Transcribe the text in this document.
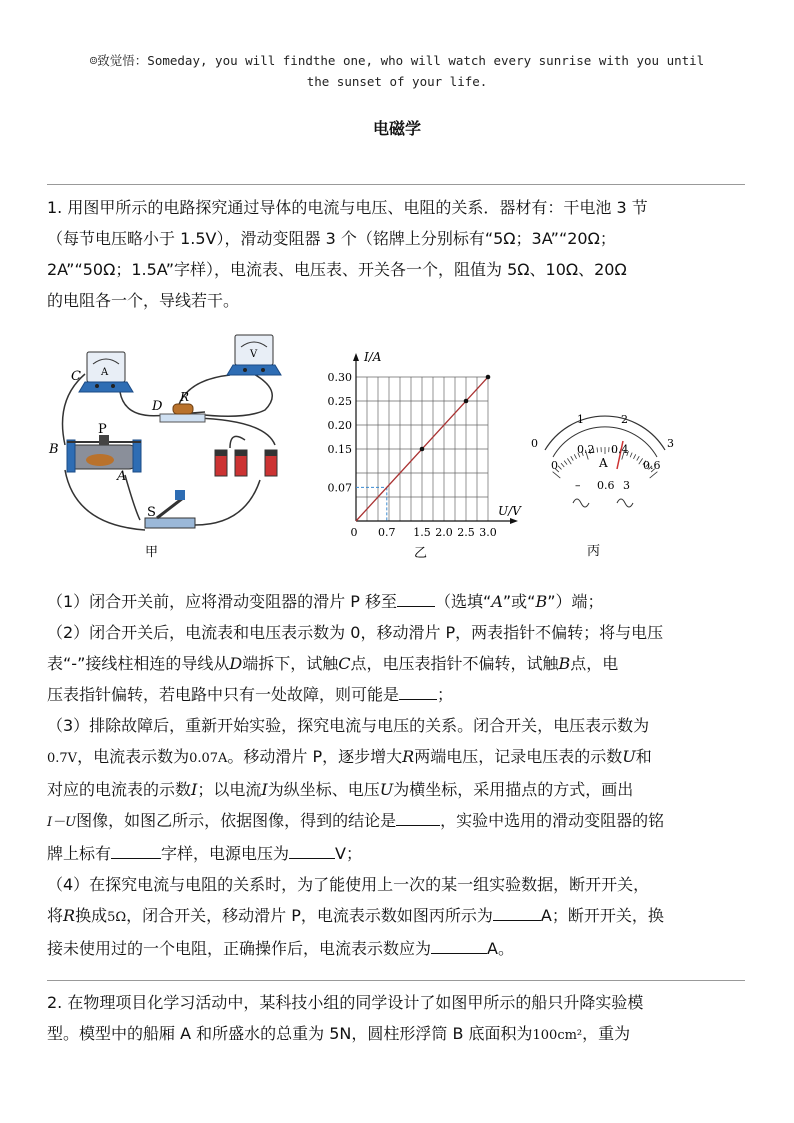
☺致觉悟：Someday, you will findthe one, who will watch every sunrise with you until
the sunset of your life.
电磁学
1. 用图甲所示的电路探究通过导体的电流与电压、电阻的关系．器材有：干电池 3 节
（每节电压略小于 1.5V），滑动变阻器 3 个（铭牌上分别标有“5Ω；3A”“20Ω；
2A”“50Ω；1.5A”字样），电流表、电压表、开关各一个，阻值为 5Ω、10Ω、20Ω
的电阻各一个，导线若干。
C A
D
R
V
B
P
A
S
甲
0.7 1.5 2.0 2.5 3.0
0.07
0.15
0.20
0.25
0.30
0
I/A
U/V
乙
0
1	2
3
0
0.2 0.4
0.6
A
– 0.6 3
丙
（1）闭合开关前，应将滑动变阻器的滑片 P 移至 （选填“A”或“B”）端；
（2）闭合开关后，电流表和电压表示数为 0，移动滑片 P，两表指针不偏转；将与电压
表“-”接线柱相连的导线从D端拆下，试触C点，电压表指针不偏转，试触B点，电
压表指针偏转，若电路中只有一处故障，则可能是 ；
（3）排除故障后，重新开始实验，探究电流与电压的关系。闭合开关，电压表示数为
0.7V，电流表示数为0.07A。移动滑片 P，逐步增大R两端电压，记录电压表的示数U和
对应的电流表的示数I；以电流I为纵坐标、电压U为横坐标，采用描点的方式，画出
I－U图像，如图乙所示，依据图像，得到的结论是	，实验中选用的滑动变阻器的铭
牌上标有	字样，电源电压为	V；
（4）在探究电流与电阻的关系时，为了能使用上一次的某一组实验数据，断开开关，
将R换成5Ω，闭合开关，移动滑片 P，电流表示数如图丙所示为	A；断开开关，换
接未使用过的一个电阻，正确操作后，电流表示数应为	A。
2. 在物理项目化学习活动中，某科技小组的同学设计了如图甲所示的船只升降实验模
型。模型中的船厢 A 和所盛水的总重为 5N，圆柱形浮筒 B 底面积为100cm²，重为
